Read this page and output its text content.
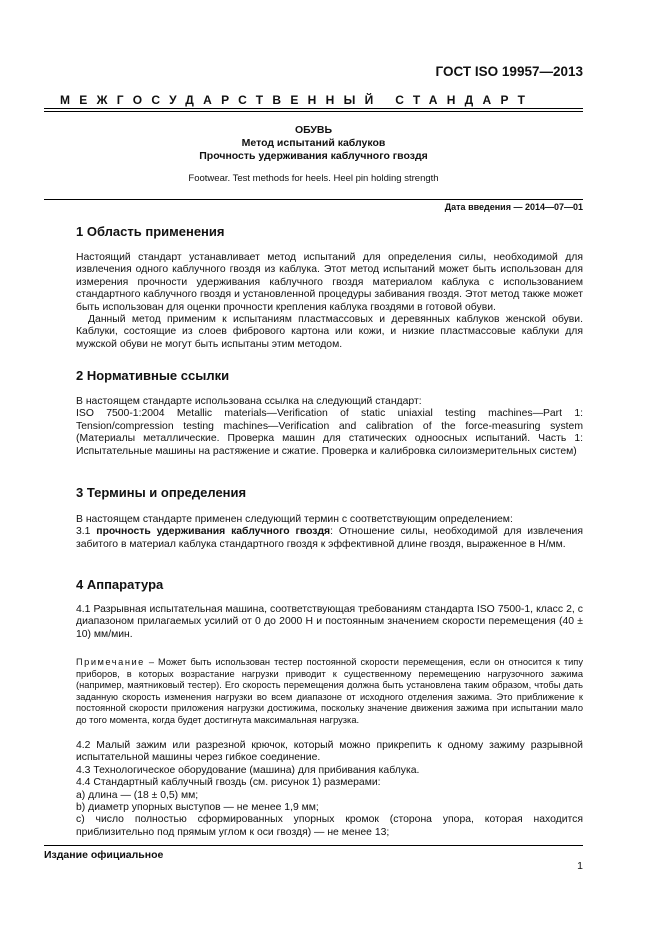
ГОСТ ISO 19957—2013
МЕЖГОСУДАРСТВЕННЫЙ СТАНДАРТ
ОБУВЬ
Метод испытаний каблуков
Прочность удерживания каблучного гвоздя
Footwear. Test methods for heels. Heel pin holding strength
Дата введения — 2014—07—01
1 Область применения
Настоящий стандарт устанавливает метод испытаний для определения силы, необходимой для извлечения одного каблучного гвоздя из каблука. Этот метод испытаний может быть использован для измерения прочности удерживания каблучного гвоздя материалом каблука с использованием стандартного каблучного гвоздя и установленной процедуры забивания гвоздя. Этот метод также может быть использован для оценки прочности крепления каблука гвоздями в готовой обуви.
Данный метод применим к испытаниям пластмассовых и деревянных каблуков женской обуви. Каблуки, состоящие из слоев фибрового картона или кожи, и низкие пластмассовые каблуки для мужской обуви не могут быть испытаны этим методом.
2 Нормативные ссылки
В настоящем стандарте использована ссылка на следующий стандарт:
ISO 7500-1:2004 Metallic materials—Verification of static uniaxial testing machines—Part 1: Tension/compression testing machines—Verification and calibration of the force-measuring system (Материалы металлические. Проверка машин для статических одноосных испытаний. Часть 1: Испытательные машины на растяжение и сжатие. Проверка и калибровка силоизмерительных систем)
3 Термины и определения
В настоящем стандарте применен следующий термин с соответствующим определением:
3.1 прочность удерживания каблучного гвоздя: Отношение силы, необходимой для извлечения забитого в материал каблука стандартного гвоздя к эффективной длине гвоздя, выраженное в Н/мм.
4 Аппаратура
4.1 Разрывная испытательная машина, соответствующая требованиям стандарта ISO 7500-1, класс 2, с диапазоном прилагаемых усилий от 0 до 2000 Н и постоянным значением скорости перемещения (40 ± 10) мм/мин.
Примечание – Может быть использован тестер постоянной скорости перемещения, если он относится к типу приборов, в которых возрастание нагрузки приводит к существенному перемещению нагрузочного зажима (например, маятниковый тестер). Его скорость перемещения должна быть установлена таким образом, чтобы дать заданную скорость изменения нагрузки во всем диапазоне от исходного отделения зажима. Это приближение к постоянной скорости приложения нагрузки достижима, поскольку значение движения зажима при испытании мало до того момента, когда будет достигнута максимальная нагрузка.
4.2 Малый зажим или разрезной крючок, который можно прикрепить к одному зажиму разрывной испытательной машины через гибкое соединение.
4.3 Технологическое оборудование (машина) для прибивания каблука.
4.4 Стандартный каблучный гвоздь (см. рисунок 1) размерами:
а) длина — (18 ± 0,5) мм;
b) диаметр упорных выступов — не менее 1,9 мм;
c) число полностью сформированных упорных кромок (сторона упора, которая находится приблизительно под прямым углом к оси гвоздя) — не менее 13;
Издание официальное
1
